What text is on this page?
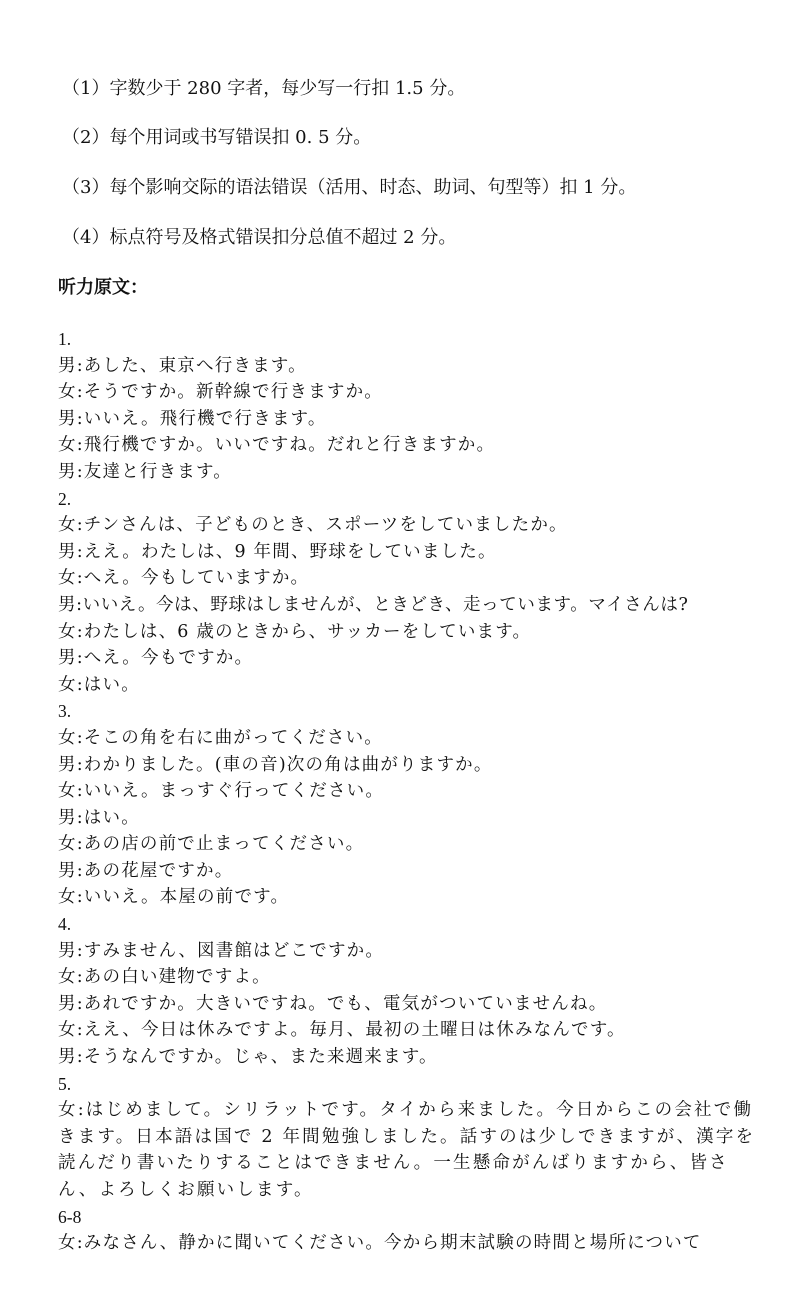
（1）字数少于 280 字者，每少写一行扣 1.5 分。
（2）每个用词或书写错误扣 0. 5 分。
（3）每个影响交际的语法错误（活用、时态、助词、句型等）扣 1 分。
（4）标点符号及格式错误扣分总值不超过 2 分。
听力原文：
1.
男:あした、東京へ行きます。
女:そうですか。新幹線で行きますか。
男:いいえ。飛行機で行きます。
女:飛行機ですか。いいですね。だれと行きますか。
男:友達と行きます。
2.
女:チンさんは、子どものとき、スポーツをしていましたか。
男:ええ。わたしは、9 年間、野球をしていました。
女:へえ。今もしていますか。
男:いいえ。今は、野球はしませんが、ときどき、走っています。マイさんは?
女:わたしは、6 歳のときから、サッカーをしています。
男:へえ。今もですか。
女:はい。
3.
女:そこの角を右に曲がってください。
男:わかりました。(車の音)次の角は曲がりますか。
女:いいえ。まっすぐ行ってください。
男:はい。
女:あの店の前で止まってください。
男:あの花屋ですか。
女:いいえ。本屋の前です。
4.
男:すみません、図書館はどこですか。
女:あの白い建物ですよ。
男:あれですか。大きいですね。でも、電気がついていませんね。
女:ええ、今日は休みですよ。毎月、最初の土曜日は休みなんです。
男:そうなんですか。じゃ、また来週来ます。
5.
女:はじめまして。シリラットです。タイから来ました。今日からこの会社で働きます。日本語は国で 2 年間勉強しました。話すのは少しできますが、漢字を読んだり書いたりすることはできません。一生懸命がんばりますから、皆さん、よろしくお願いします。
6-8
女:みなさん、静かに聞いてください。今から期末試験の時間と場所について
